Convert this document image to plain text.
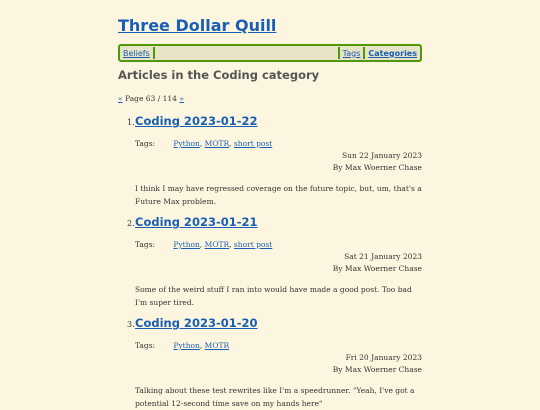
Three Dollar Quill
Beliefs	Tags	Categories
Articles in the Coding category
« Page 63 / 114 »
1. Coding 2023-01-22
Tags: Python, MOTR, short post
Sun 22 January 2023
By Max Woerner Chase

I think I may have regressed coverage on the future topic, but, um, that's a Future Max problem.

2. Coding 2023-01-21
Tags: Python, MOTR, short post
Sat 21 January 2023
By Max Woerner Chase

Some of the weird stuff I ran into would have made a good post. Too bad I'm super tired.

3. Coding 2023-01-20
Tags: Python, MOTR
Fri 20 January 2023
By Max Woerner Chase

Talking about these test rewrites like I'm a speedrunner. "Yeah, I've got a potential 12-second time save on my hands here"
